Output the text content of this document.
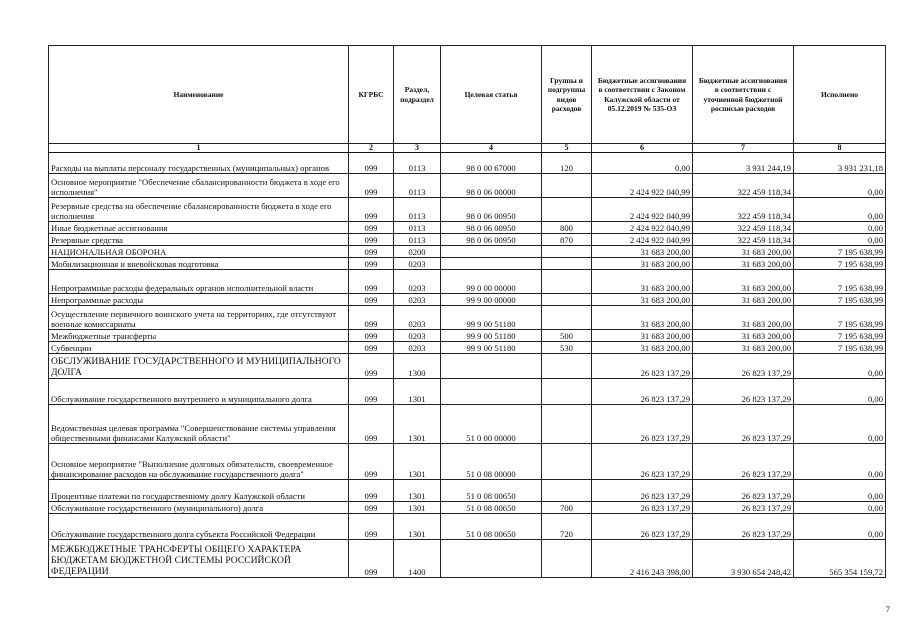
Наименование	КГРБС	Раздел, подраздел	Целевая статья	Группы и подгруппы видов расходов	Бюджетные ассигнования в соответствии с Законом Калужской области от 05.12.2019 № 535-ОЗ	Бюджетные ассигнования в соответствии с уточненной бюджетной росписью расходов	Исполнено
1	2	3	4	5	6	7	8
Расходы на выплаты персоналу государственных (муниципальных) органов	099	0113	98 0 00 67000	120	0,00	3 931 244,19	3 931 231,18
Основное мероприятие "Обеспечение сбалансированности бюджета в ходе его исполнения"	099	0113	98 0 06 00000		2 424 922 040,99	322 459 118,34	0,00
Резервные средства на обеспечение сбалансированности бюджета в ходе его исполнения	099	0113	98 0 06 00950		2 424 922 040,99	322 459 118,34	0,00
Иные бюджетные ассигнования	099	0113	98 0 06 00950	800	2 424 922 040,99	322 459 118,34	0,00
Резервные средства	099	0113	98 0 06 00950	870	2 424 922 040,99	322 459 118,34	0,00
НАЦИОНАЛЬНАЯ ОБОРОНА	099	0200			31 683 200,00	31 683 200,00	7 195 638,99
Мобилизационная и вневойсковая подготовка	099	0203			31 683 200,00	31 683 200,00	7 195 638,99
Непрограммные расходы федеральных органов исполнительной власти	099	0203	99 0 00 00000		31 683 200,00	31 683 200,00	7 195 638,99
Непрограммные расходы	099	0203	99 9 00 00000		31 683 200,00	31 683 200,00	7 195 638,99
Осуществление первичного воинского учета на территориях, где отсутствуют военные комиссариаты	099	0203	99 9 00 51180		31 683 200,00	31 683 200,00	7 195 638,99
Межбюджетные трансферты	099	0203	99 9 00 51180	500	31 683 200,00	31 683 200,00	7 195 638,99
Субвенции	099	0203	99 9 00 51180	530	31 683 200,00	31 683 200,00	7 195 638,99
ОБСЛУЖИВАНИЕ ГОСУДАРСТВЕННОГО И МУНИЦИПАЛЬНОГО ДОЛГА	099	1300			26 823 137,29	26 823 137,29	0,00
Обслуживание государственного внутреннего и муниципального долга	099	1301			26 823 137,29	26 823 137,29	0,00
Ведомственная целевая программа "Совершенствование системы управления общественными финансами Калужской области"	099	1301	51 0 00 00000		26 823 137,29	26 823 137,29	0,00
Основное мероприятие "Выполнение долговых обязательств, своевременное финансирование расходов на обслуживание государственного долга"	099	1301	51 0 08 00000		26 823 137,29	26 823 137,29	0,00
Процентные платежи по государственному долгу Калужской области	099	1301	51 0 08 00650		26 823 137,29	26 823 137,29	0,00
Обслуживание государственного (муниципального) долга	099	1301	51 0 08 00650	700	26 823 137,29	26 823 137,29	0,00
Обслуживание государственного долга субъекта Российской Федерации	099	1301	51 0 08 00650	720	26 823 137,29	26 823 137,29	0,00
МЕЖБЮДЖЕТНЫЕ ТРАНСФЕРТЫ ОБЩЕГО ХАРАКТЕРА БЮДЖЕТАМ БЮДЖЕТНОЙ СИСТЕМЫ РОССИЙСКОЙ ФЕДЕРАЦИИ	099	1400			2 416 243 398,00	3 930 654 248,42	565 354 159,72
7
